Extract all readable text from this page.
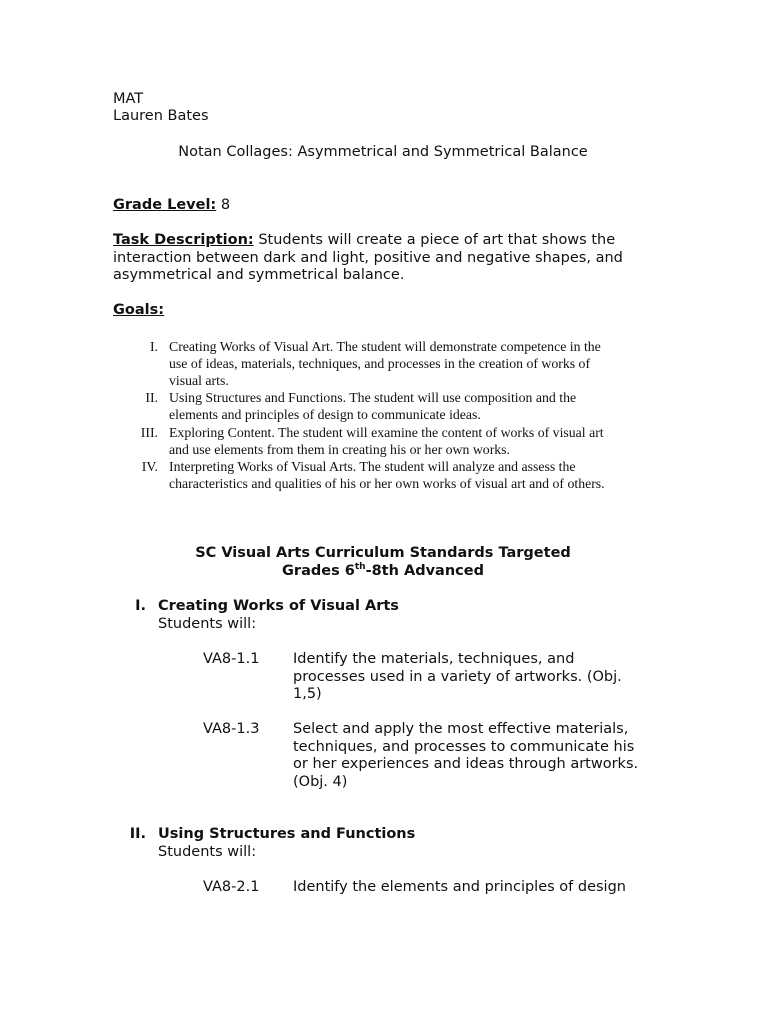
MAT
Lauren Bates
Notan Collages: Asymmetrical and Symmetrical Balance
Grade Level: 8
Task Description: Students will create a piece of art that shows the
interaction between dark and light, positive and negative shapes, and
asymmetrical and symmetrical balance.
Goals:
I. Creating Works of Visual Art. The student will demonstrate competence in the
use of ideas, materials, techniques, and processes in the creation of works of
visual arts.
II. Using Structures and Functions. The student will use composition and the
elements and principles of design to communicate ideas.
III. Exploring Content. The student will examine the content of works of visual art
and use elements from them in creating his or her own works.
IV. Interpreting Works of Visual Arts. The student will analyze and assess the
characteristics and qualities of his or her own works of visual art and of others.
SC Visual Arts Curriculum Standards Targeted
Grades 6th-8th Advanced
I. Creating Works of Visual Arts
Students will:
VA8-1.1 Identify the materials, techniques, and
processes used in a variety of artworks. (Obj.
1,5)
VA8-1.3 Select and apply the most effective materials,
techniques, and processes to communicate his
or her experiences and ideas through artworks.
(Obj. 4)
II. Using Structures and Functions
Students will:
VA8-2.1 Identify the elements and principles of design
